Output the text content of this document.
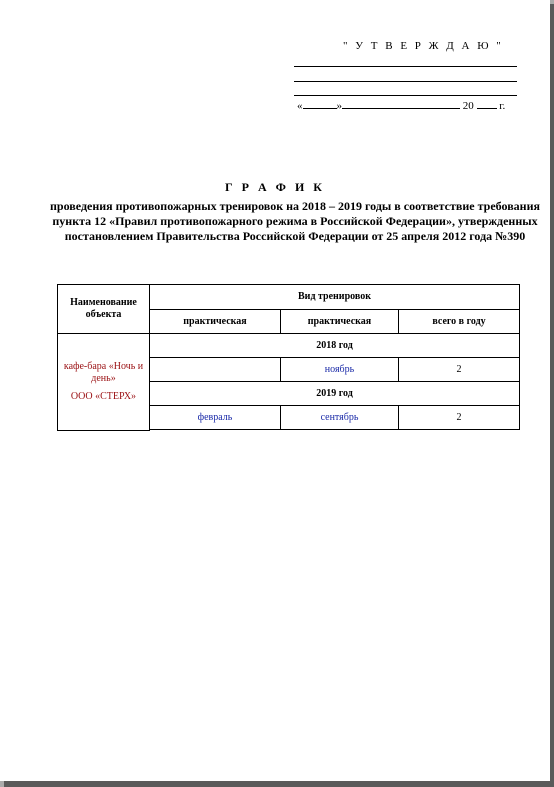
" У Т В Е Р Ж Д А Ю "
«	»	20 г.
Г Р А Ф И К
проведения противопожарных тренировок на 2018 – 2019 годы в соответствие требования пункта 12 «Правил противопожарного режима в Российской Федерации», утвержденных постановлением Правительства Российской Федерации от 25 апреля 2012 года №390
Наименование объекта	Вид тренировок		
	практическая	практическая	всего в году

кафе-бара «Ночь и день»
ООО «СТЕРХ»	2018 год		
		ноябрь	2
	2019 год		
	февраль	сентябрь	2
